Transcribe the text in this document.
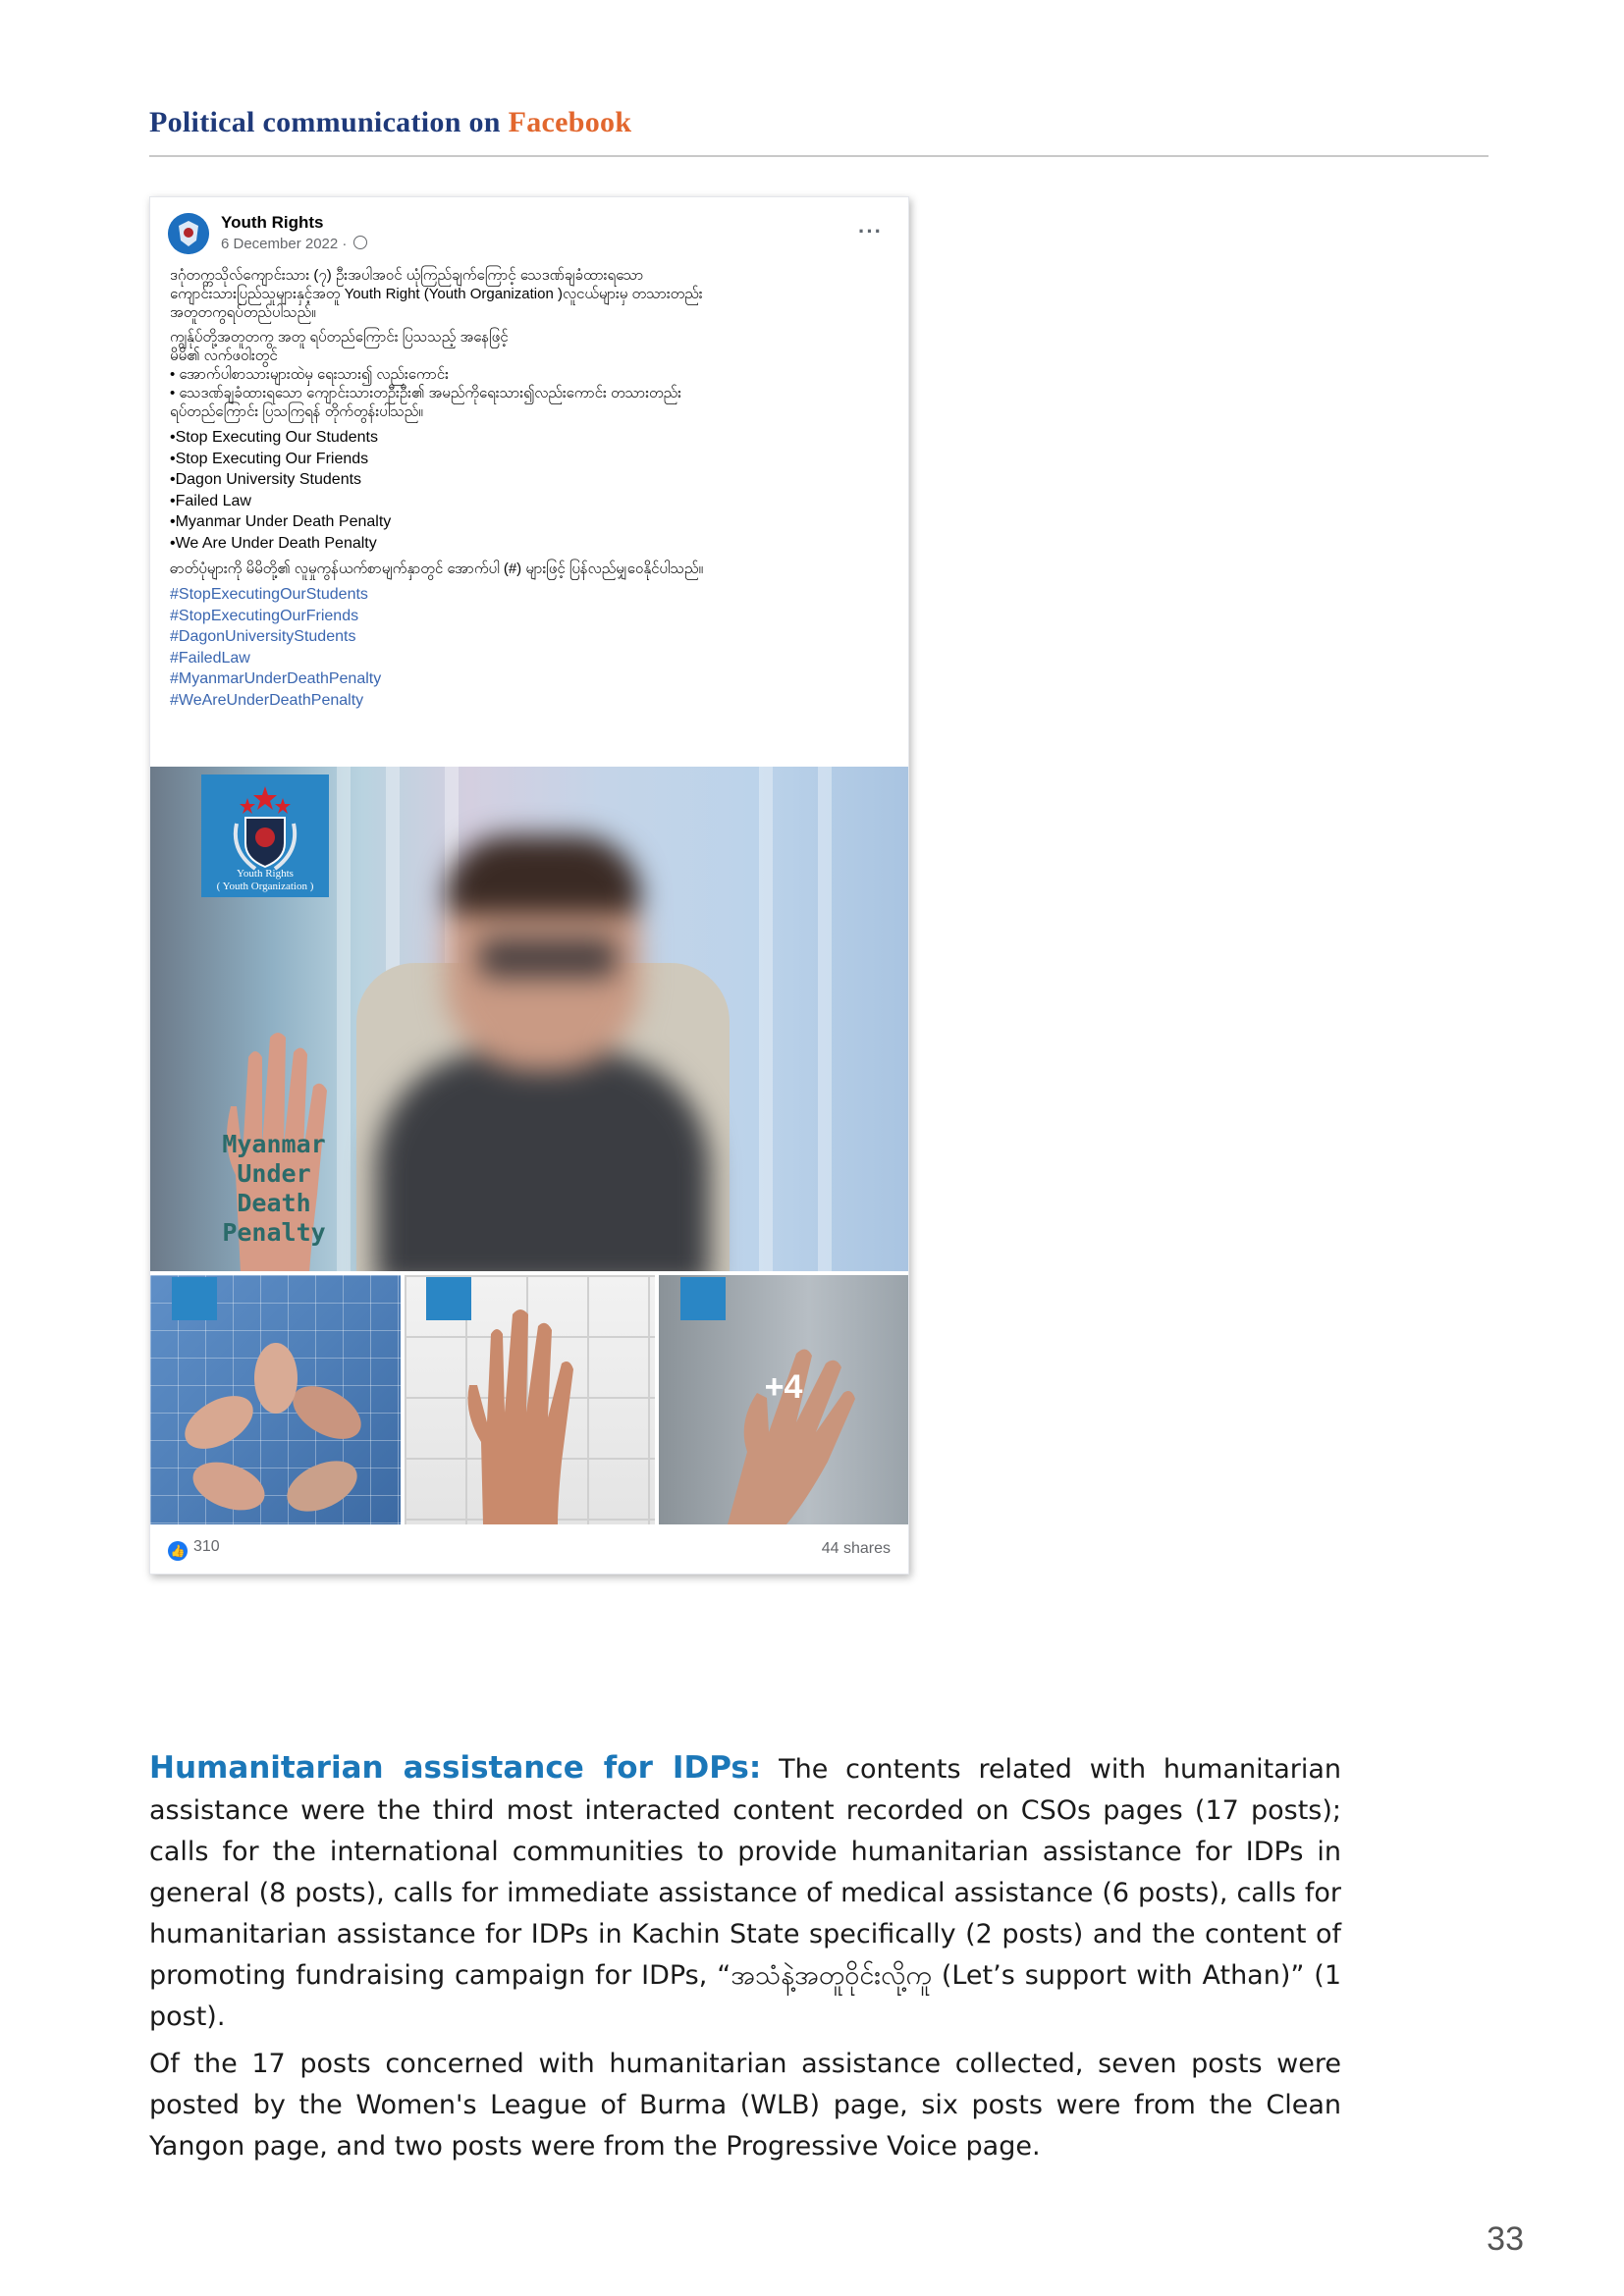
Political communication on Facebook
Youth Rights
6 December 2022 ·
···

ဒဂုံတက္ကသိုလ်ကျောင်းသား (၇) ဦးအပါအဝင် ယုံကြည်ချက်ကြောင့် သေဒဏ်ချခံထားရသော

ကျောင်းသားပြည်သူများနှင့်အတူ Youth Right (Youth Organization )လူငယ်များမှ တသားတည်း

အတူတကွရပ်တည်ပါသည်။

ကျွန်ုပ်တို့အတူတကွ အတူ ရပ်တည်ကြောင်း ပြသသည့် အနေဖြင့်

မိမိ၏ လက်ဖဝါးတွင်

• အောက်ပါစာသားများထဲမှ ရေးသား၍ လည်းကောင်း

• သေဒဏ်ချခံထားရသော ကျောင်းသားတဦးဦး၏ အမည်ကိုရေးသား၍လည်းကောင်း တသားတည်း

ရပ်တည်ကြောင်း ပြသကြရန် တိုက်တွန်းပါသည်။

•Stop Executing Our Students

•Stop Executing Our Friends

•Dagon University Students

•Failed Law

•Myanmar Under Death Penalty

•We Are Under Death Penalty

ဓာတ်ပုံများကို မိမိတို့၏ လူမှုကွန်ယက်စာမျက်နှာတွင် အောက်ပါ (#) များဖြင့် ပြန်လည်မျှဝေနိုင်ပါသည်။

#StopExecutingOurStudents

#StopExecutingOurFriends

#DagonUniversityStudents

#FailedLaw

#MyanmarUnderDeathPenalty

#WeAreUnderDeathPenalty

Youth Rights
( Youth Organization )
Myanmar
Under
Death
Penalty
+4
👍 310	44 shares
Humanitarian assistance for IDPs: The contents related with humanitarian assistance were the third most interacted content recorded on CSOs pages (17 posts); calls for the international communities to provide humanitarian assistance for IDPs in general (8 posts), calls for immediate assistance of medical assistance (6 posts), calls for humanitarian assistance for IDPs in Kachin State specifically (2 posts) and the content of promoting fundraising campaign for IDPs, “အသံနဲ့အတူဝိုင်းလို့ကူ (Let’s support with Athan)” (1 post).
Of the 17 posts concerned with humanitarian assistance collected, seven posts were posted by the Women's League of Burma (WLB) page, six posts were from the Clean Yangon page, and two posts were from the Progressive Voice page.
33
